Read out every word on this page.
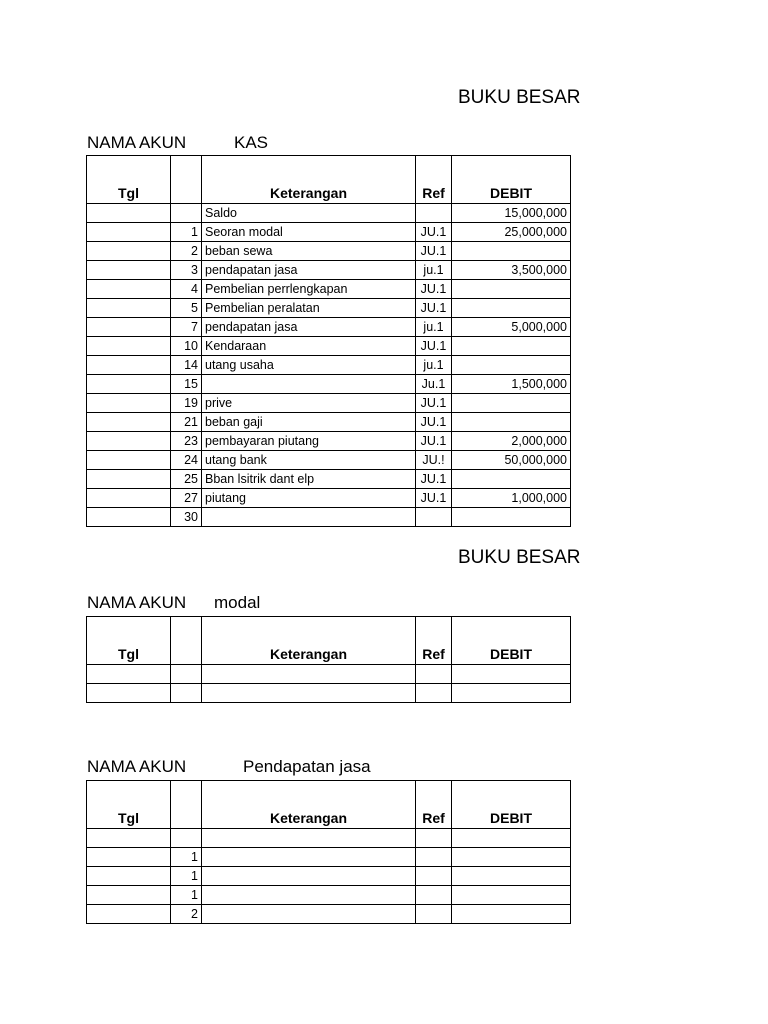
BUKU BESAR
NAMA AKUN	KAS
Tgl		Keterangan	Ref	DEBIT
		Saldo		15,000,000
	1	Seoran modal	JU.1	25,000,000
	2	beban sewa	JU.1	
	3	pendapatan jasa	ju.1	3,500,000
	4	Pembelian perrlengkapan	JU.1	
	5	Pembelian peralatan	JU.1	
	7	pendapatan jasa	ju.1	5,000,000
	10	Kendaraan	JU.1	
	14	utang usaha	ju.1	
	15		Ju.1	1,500,000
	19	prive	JU.1	
	21	beban gaji	JU.1	
	23	pembayaran piutang	JU.1	2,000,000
	24	utang bank	JU.!	50,000,000
	25	Bban lsitrik dant elp	JU.1	
	27	piutang	JU.1	1,000,000
	30			
BUKU BESAR
NAMA AKUN modal
Tgl		Keterangan	Ref	DEBIT

NAMA AKUN	Pendapatan jasa
Tgl		Keterangan	Ref	DEBIT

	1			
	1			
	1			
	2			
